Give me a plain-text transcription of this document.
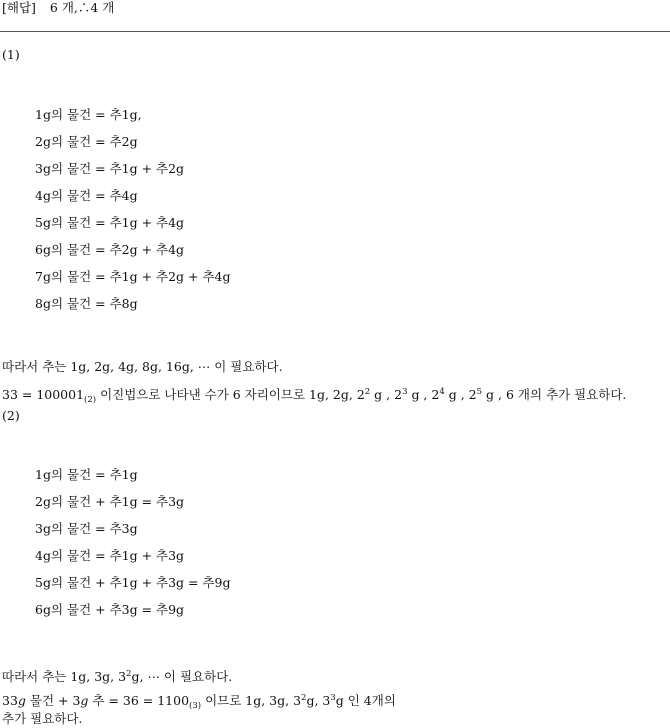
[해답] 6 개,∴4 개
(1)
1g의 물건 = 추1g,
2g의 물건 = 추2g
3g의 물건 = 추1g + 추2g
4g의 물건 = 추4g
5g의 물건 = 추1g + 추4g
6g의 물건 = 추2g + 추4g
7g의 물건 = 추1g + 추2g + 추4g
8g의 물건 = 추8g
따라서 추는 1g, 2g, 4g, 8g, 16g, ⋯ 이 필요하다.
$33 = 100001_{(2)}$ 이진법으로 나타낸 수가 6 자리이므로 1g, 2g, $2^2$ g , $2^3$ g , $2^4$ g , $2^5$ g , 6 개의 추가 필요하다.
(2)
1g의 물건 = 추1g
2g의 물건 + 추1g = 추3g
3g의 물건 = 추3g
4g의 물건 = 추1g + 추3g
5g의 물건 + 추1g + 추3g = 추9g
6g의 물건 + 추3g = 추9g
따라서 추는 1g, 3g, $3^2g$, ⋯ 이 필요하다.
33g 물건 + 3g 추 = $36 = 1100_{(3)}$ 이므로 1g, 3g, $3^2g$, $3^3g$ 인 4개의
추가 필요하다.
